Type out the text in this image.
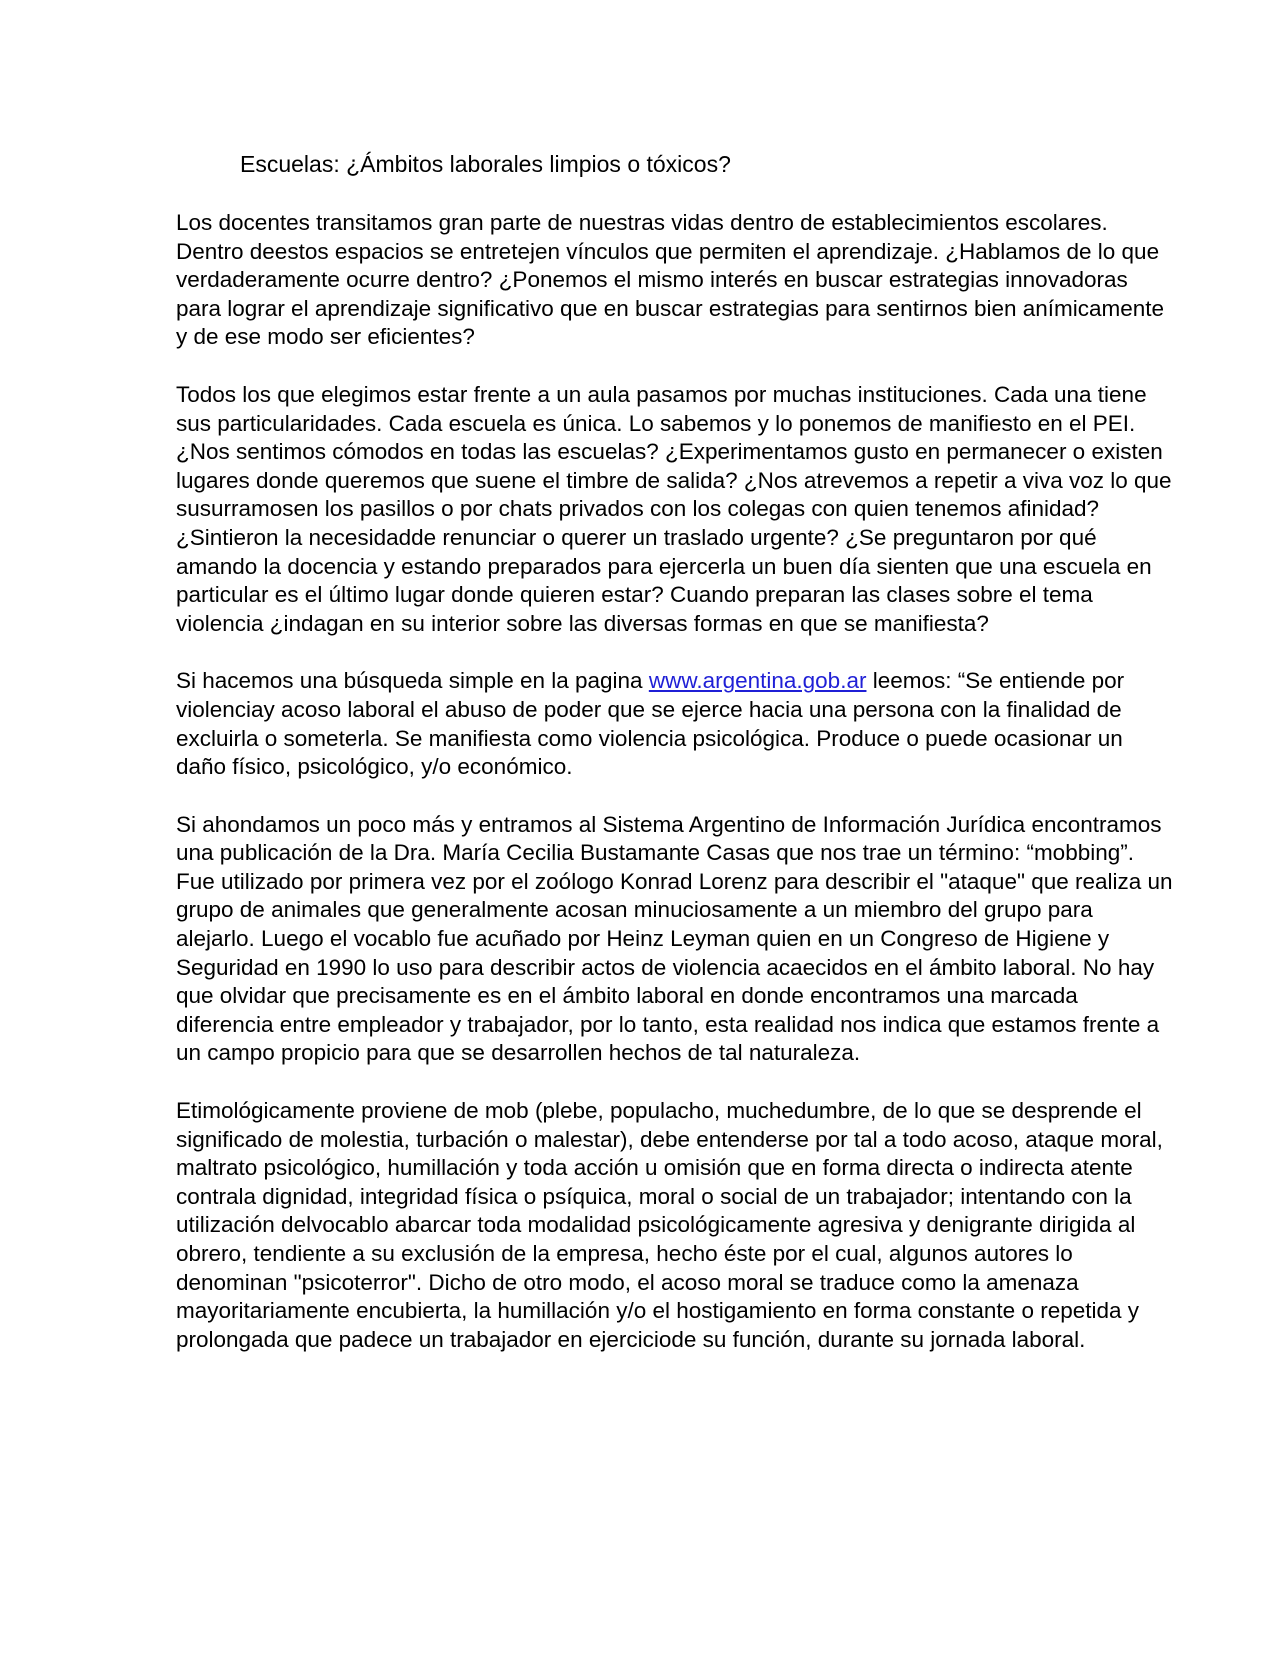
Escuelas: ¿Ámbitos laborales limpios o tóxicos?

Los docentes transitamos gran parte de nuestras vidas dentro de establecimientos escolares. Dentro deestos espacios se entretejen vínculos que permiten el aprendizaje. ¿Hablamos de lo que verdaderamente ocurre dentro? ¿Ponemos el mismo interés en buscar estrategias innovadoras para lograr el aprendizaje significativo que en buscar estrategias para sentirnos bien anímicamente y de ese modo ser eficientes?

Todos los que elegimos estar frente a un aula pasamos por muchas instituciones. Cada una tiene sus particularidades. Cada escuela es única. Lo sabemos y lo ponemos de manifiesto en el PEI. ¿Nos sentimos cómodos en todas las escuelas? ¿Experimentamos gusto en permanecer o existen lugares donde queremos que suene el timbre de salida? ¿Nos atrevemos a repetir a viva voz lo que susurramosen los pasillos o por chats privados con los colegas con quien tenemos afinidad? ¿Sintieron la necesidadde renunciar o querer un traslado urgente? ¿Se preguntaron por qué amando la docencia y estando preparados para ejercerla un buen día sienten que una escuela en particular es el último lugar donde quieren estar? Cuando preparan las clases sobre el tema violencia ¿indagan en su interior sobre las diversas formas en que se manifiesta?

Si hacemos una búsqueda simple en la pagina www.argentina.gob.ar leemos: “Se entiende por violenciay acoso laboral el abuso de poder que se ejerce hacia una persona con la finalidad de excluirla o someterla. Se manifiesta como violencia psicológica. Produce o puede ocasionar un daño físico, psicológico, y/o económico.

Si ahondamos un poco más y entramos al Sistema Argentino de Información Jurídica encontramos una publicación de la Dra. María Cecilia Bustamante Casas que nos trae un término: “mobbing”. Fue utilizado por primera vez por el zoólogo Konrad Lorenz para describir el "ataque" que realiza un grupo de animales que generalmente acosan minuciosamente a un miembro del grupo para alejarlo. Luego el vocablo fue acuñado por Heinz Leyman quien en un Congreso de Higiene y Seguridad en 1990 lo uso para describir actos de violencia acaecidos en el ámbito laboral. No hay que olvidar que precisamente es en el ámbito laboral en donde encontramos una marcada diferencia entre empleador y trabajador, por lo tanto, esta realidad nos indica que estamos frente a un campo propicio para que se desarrollen hechos de tal naturaleza.

Etimológicamente proviene de mob (plebe, populacho, muchedumbre, de lo que se desprende el significado de molestia, turbación o malestar), debe entenderse por tal a todo acoso, ataque moral, maltrato psicológico, humillación y toda acción u omisión que en forma directa o indirecta atente contrala dignidad, integridad física o psíquica, moral o social de un trabajador; intentando con la utilización delvocablo abarcar toda modalidad psicológicamente agresiva y denigrante dirigida al obrero, tendiente a su exclusión de la empresa, hecho éste por el cual, algunos autores lo denominan "psicoterror". Dicho de otro modo, el acoso moral se traduce como la amenaza mayoritariamente encubierta, la humillación y/o el hostigamiento en forma constante o repetida y prolongada que padece un trabajador en ejerciciode su función, durante su jornada laboral.
